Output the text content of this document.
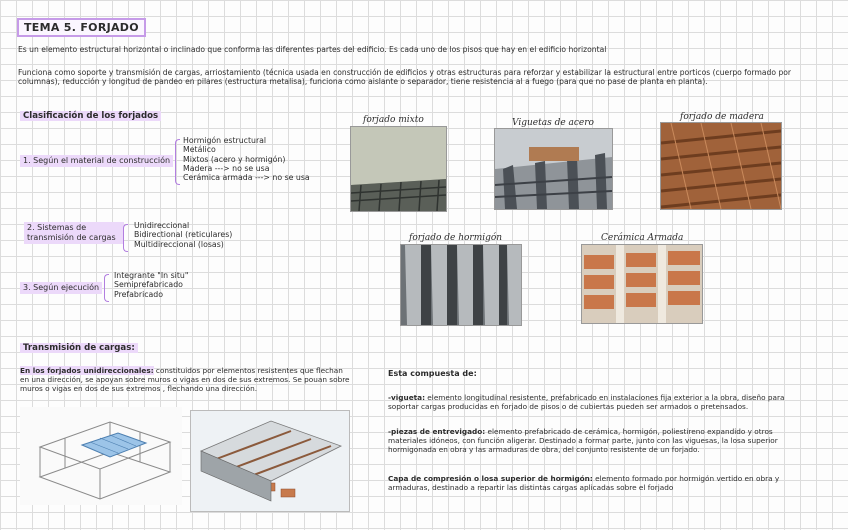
TEMA 5. FORJADO
Es un elemento estructural horizontal o inclinado que conforma las diferentes partes del edificio. Es cada uno de los pisos que hay en el edificio horizontal
Funciona como soporte y transmisión de cargas, arriostamiento (técnica usada en construcción de edificios y otras estructuras para reforzar y estabilizar la estructural entre porticos (cuerpo formado por columnas), reducción y longitud de pandeo en pilares (estructura metalisa), funciona como aislante o separador, tiene resistencia al a fuego (para que no pase de planta en planta).
Clasificación de los forjados
1. Según el material de construcción
Hormigón estructural
Metálico
Mixtos (acero y hormigón)
Madera ---> no se usa
Cerámica armada ---> no se usa
2. Sistemas de transmisión de cargas
Unidireccional
Bidirectional (reticulares)
Multidireccional (losas)
3. Según ejecución
Integrante "In situ"
Semiprefabricado
Prefabricado
forjado mixto	Viguetas de acero
forjado de madera
forjado de hormigón	Cerámica Armada
Transmisión de cargas:
En los forjados unidireccionales: constituidos por elementos resistentes que flechan en una dirección, se apoyan sobre muros o vigas en dos de sus extremos. Se pouan sobre muros o vigas en dos de sus extremos , flechando una dirección.
Esta compuesta de:
-vigueta: elemento longitudinal resistente, prefabricado en instalaciones fija exterior a la obra, diseño para soportar cargas producidas en forjado de pisos o de cubiertas pueden ser armados o pretensados.
-piezas de entrevigado: elemento prefabricado de cerámica, hormigón, poliestireno expandido y otros materiales idóneos, con función aligerar. Destinado a formar parte, junto con las viguesas, la losa superior hormigonada en obra y las armaduras de obra, del conjunto resistente de un forjado.
Capa de compresión o losa superior de hormigón: elemento formado por hormigón vertido en obra y armaduras, destinado a repartir las distintas cargas aplicadas sobre el forjado
